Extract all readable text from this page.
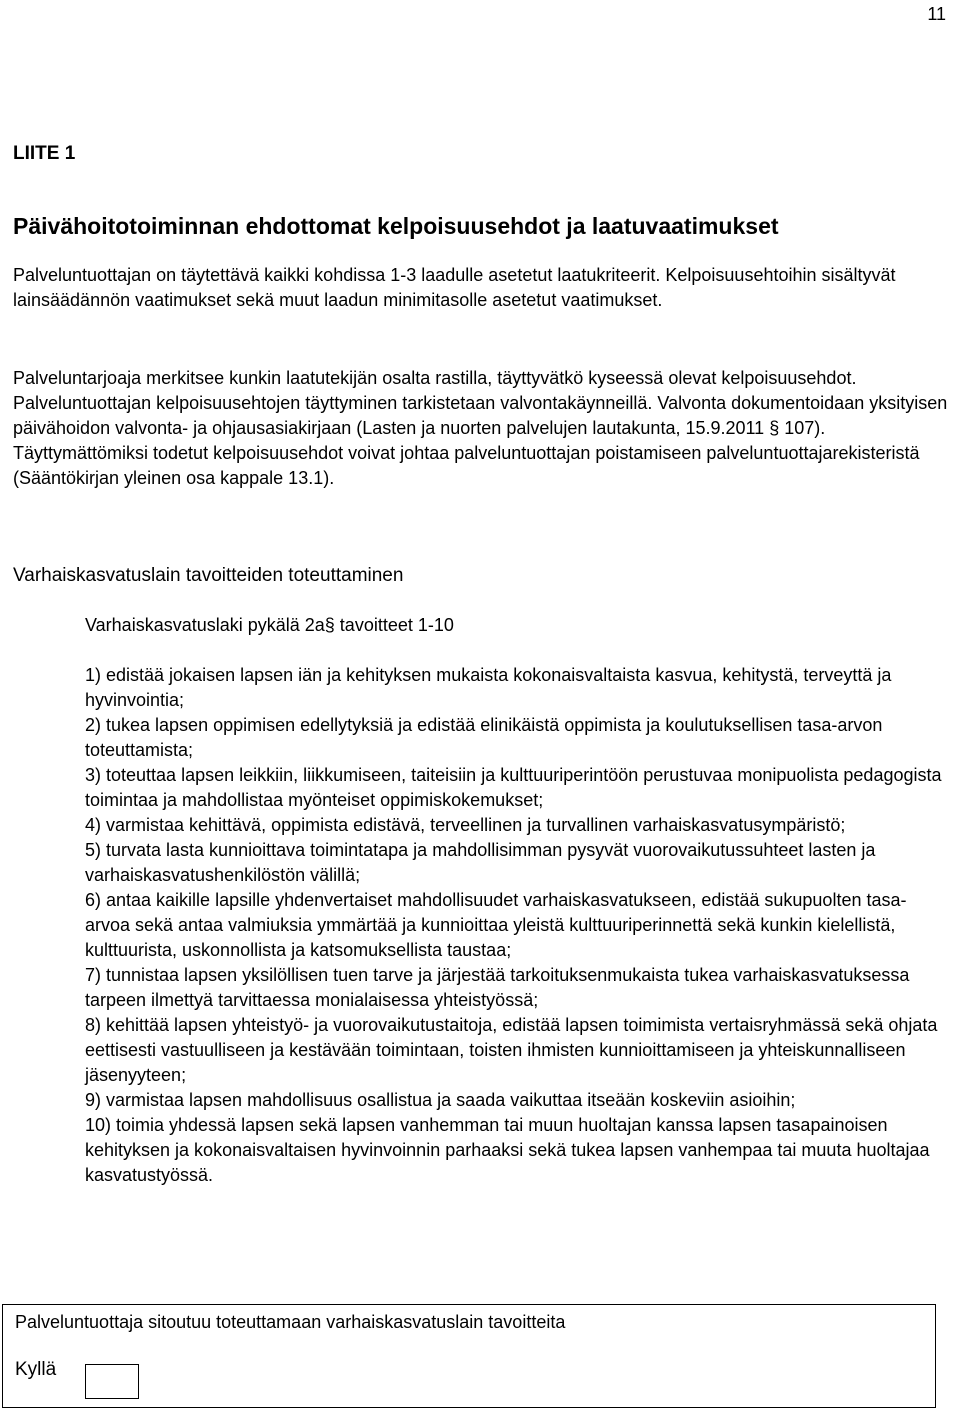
11
LIITE 1
Päivähoitotoiminnan ehdottomat kelpoisuusehdot ja laatuvaatimukset
Palveluntuottajan on täytettävä kaikki kohdissa 1-3 laadulle asetetut laatukriteerit. Kelpoisuusehtoihin sisältyvät lainsäädännön vaatimukset sekä muut laadun minimitasolle asetetut vaatimukset.
Palveluntarjoaja merkitsee kunkin laatutekijän osalta rastilla, täyttyvätkö kyseessä olevat kelpoisuusehdot. Palveluntuottajan kelpoisuusehtojen täyttyminen tarkistetaan valvontakäynneillä. Valvonta dokumentoidaan yksityisen päivähoidon valvonta- ja ohjausasiakirjaan (Lasten ja nuorten palvelujen lautakunta, 15.9.2011 § 107). Täyttymättömiksi todetut kelpoisuusehdot voivat johtaa palveluntuottajan poistamiseen palveluntuottajarekisteristä (Sääntökirjan yleinen osa kappale 13.1).
Varhaiskasvatuslain tavoitteiden toteuttaminen
Varhaiskasvatuslaki pykälä 2a§ tavoitteet 1-10
1) edistää jokaisen lapsen iän ja kehityksen mukaista kokonaisvaltaista kasvua, kehitystä, terveyttä ja hyvinvointia;
2) tukea lapsen oppimisen edellytyksiä ja edistää elinikäistä oppimista ja koulutuksellisen tasa-arvon toteuttamista;
3) toteuttaa lapsen leikkiin, liikkumiseen, taiteisiin ja kulttuuriperintöön perustuvaa monipuolista pedagogista toimintaa ja mahdollistaa myönteiset oppimiskokemukset;
4) varmistaa kehittävä, oppimista edistävä, terveellinen ja turvallinen varhaiskasvatusympäristö;
5) turvata lasta kunnioittava toimintatapa ja mahdollisimman pysyvät vuorovaikutussuhteet lasten ja varhaiskasvatushenkilöstön välillä;
6) antaa kaikille lapsille yhdenvertaiset mahdollisuudet varhaiskasvatukseen, edistää sukupuolten tasa-arvoa sekä antaa valmiuksia ymmärtää ja kunnioittaa yleistä kulttuuriperinnettä sekä kunkin kielellistä, kulttuurista, uskonnollista ja katsomuksellista taustaa;
7) tunnistaa lapsen yksilöllisen tuen tarve ja järjestää tarkoituksenmukaista tukea varhaiskasvatuksessa tarpeen ilmettyä tarvittaessa monialaisessa yhteistyössä;
8) kehittää lapsen yhteistyö- ja vuorovaikutustaitoja, edistää lapsen toimimista vertaisryhmässä sekä ohjata eettisesti vastuulliseen ja kestävään toimintaan, toisten ihmisten kunnioittamiseen ja yhteiskunnalliseen jäsenyyteen;
9) varmistaa lapsen mahdollisuus osallistua ja saada vaikuttaa itseään koskeviin asioihin;
10) toimia yhdessä lapsen sekä lapsen vanhemman tai muun huoltajan kanssa lapsen tasapainoisen kehityksen ja kokonaisvaltaisen hyvinvoinnin parhaaksi sekä tukea lapsen vanhempaa tai muuta huoltajaa kasvatustyössä.
Palveluntuottaja sitoutuu toteuttamaan varhaiskasvatuslain tavoitteita
Kyllä
